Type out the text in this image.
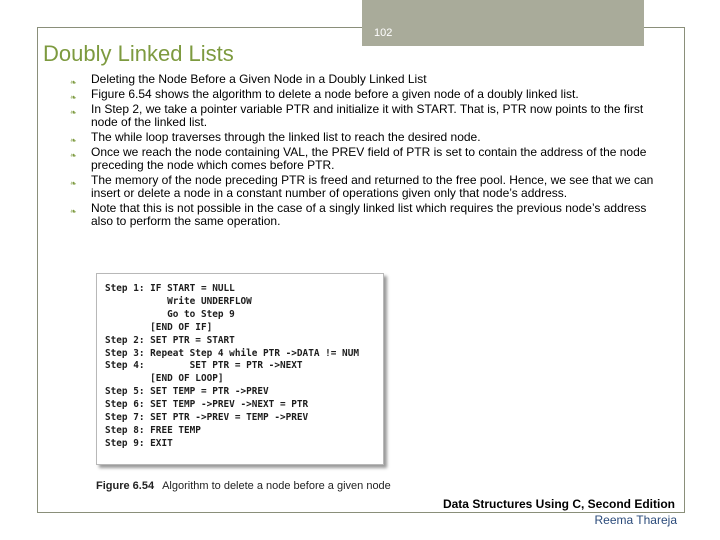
102
Doubly Linked Lists
❧ Deleting the Node Before a Given Node in a Doubly Linked List
❧ Figure 6.54 shows the algorithm to delete a node before a given node of a doubly linked list.
❧ In Step 2, we take a pointer variable PTR and initialize it with START. That is, PTR now points to the first node of the linked list.
❧ The while loop traverses through the linked list to reach the desired node.
❧ Once we reach the node containing VAL, the PREV field of PTR is set to contain the address of the node preceding the node which comes before PTR.
❧ The memory of the node preceding PTR is freed and returned to the free pool. Hence, we see that we can insert or delete a node in a constant number of operations given only that node’s address.
❧ Note that this is not possible in the case of a singly linked list which requires the previous node’s address also to perform the same operation.
Step 1: IF START = NULL
Write UNDERFLOW
Go to Step 9
[END OF IF]
Step 2: SET PTR = START
Step 3: Repeat Step 4 while PTR ->DATA != NUM
Step 4:        SET PTR = PTR ->NEXT
[END OF LOOP]
Step 5: SET TEMP = PTR ->PREV
Step 6: SET TEMP ->PREV ->NEXT = PTR
Step 7: SET PTR ->PREV = TEMP ->PREV
Step 8: FREE TEMP
Step 9: EXIT
Figure 6.54 Algorithm to delete a node before a given node
Data Structures Using C, Second Edition
Reema Thareja
